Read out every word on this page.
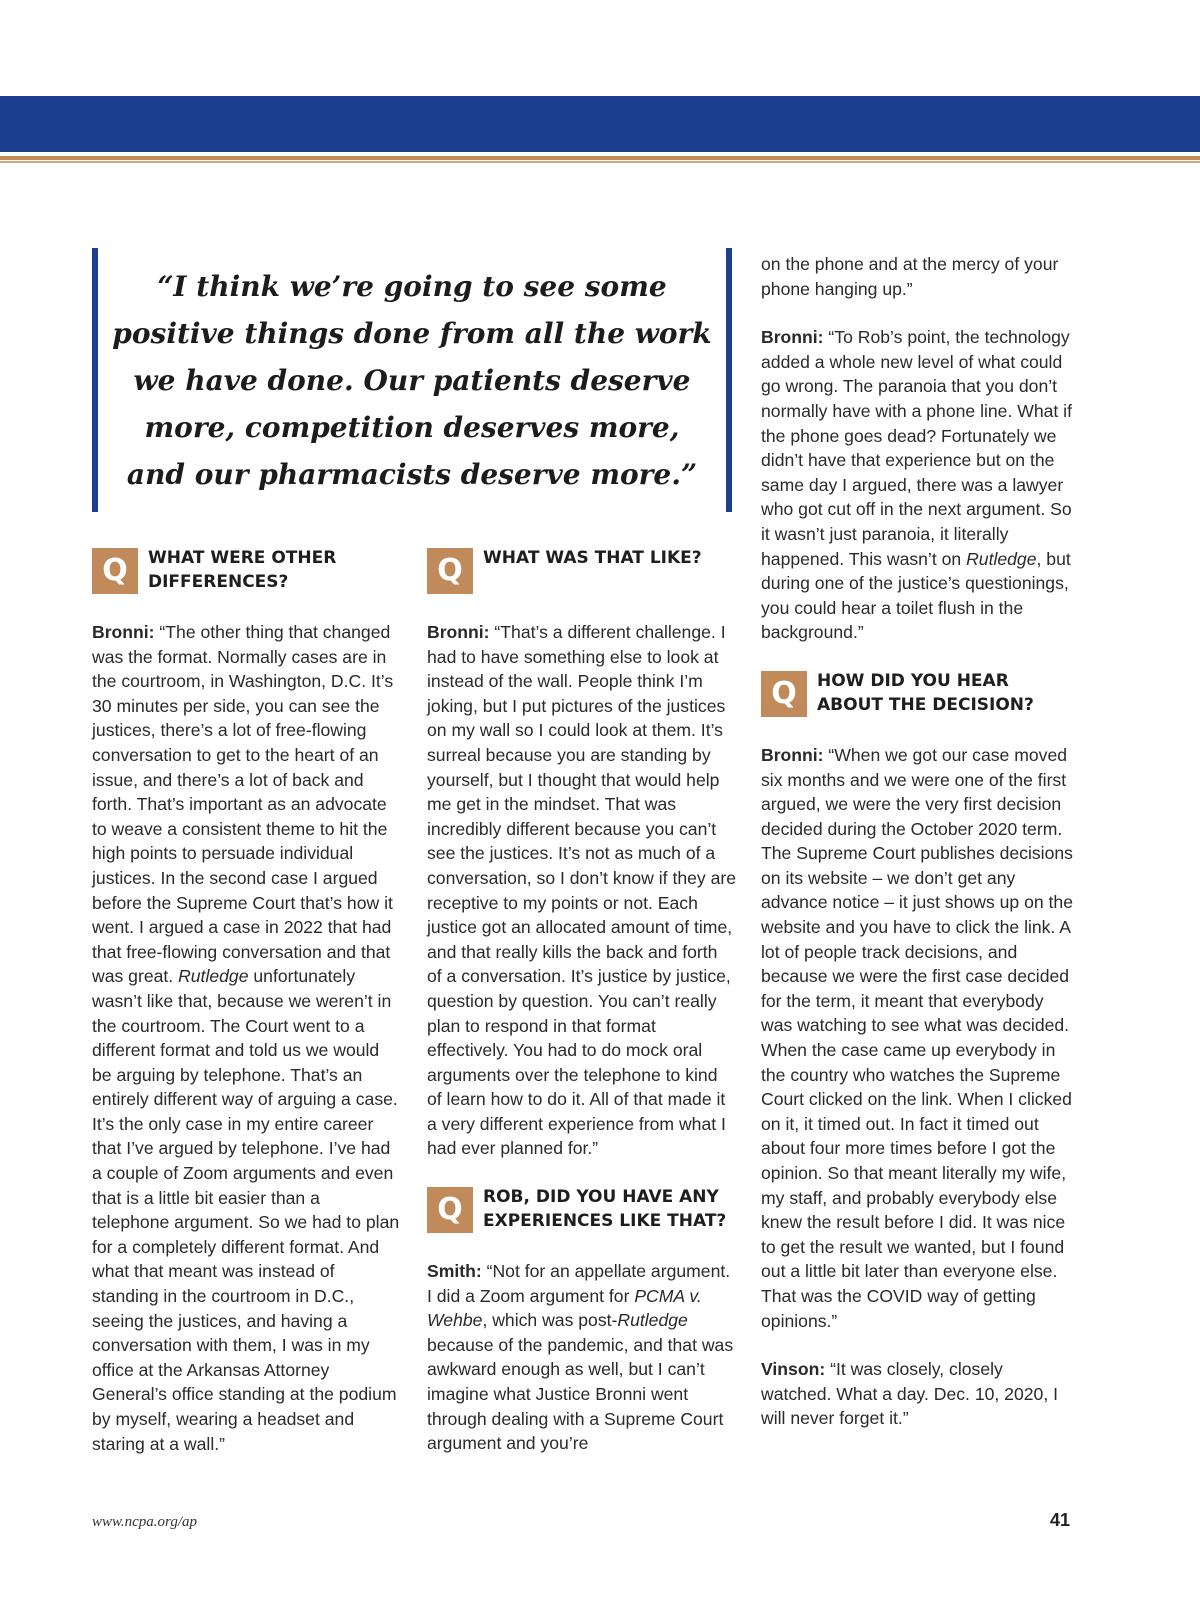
“I think we’re going to see some positive things done from all the work we have done. Our patients deserve more, competition deserves more, and our pharmacists deserve more.”

Q	WHAT WERE OTHER DIFFERENCES?

Bronni: “The other thing that changed was the format. Normally cases are in the courtroom, in Washington, D.C. It’s 30 minutes per side, you can see the justices, there’s a lot of free-flowing conversation to get to the heart of an issue, and there’s a lot of back and forth. That’s important as an advocate to weave a consistent theme to hit the high points to persuade individual justices. In the second case I argued before the Supreme Court that’s how it went. I argued a case in 2022 that had that free-flowing conversation and that was great. Rutledge unfortunately wasn’t like that, because we weren’t in the courtroom. The Court went to a different format and told us we would be arguing by telephone. That’s an entirely different way of arguing a case. It’s the only case in my entire career that I’ve argued by telephone. I’ve had a couple of Zoom arguments and even that is a little bit easier than a telephone argument. So we had to plan for a completely different format. And what that meant was instead of standing in the courtroom in D.C., seeing the justices, and having a conversation with them, I was in my office at the Arkansas Attorney General’s office standing at the podium by myself, wearing a headset and staring at a wall.”

Q	WHAT WAS THAT LIKE?

Bronni: “That’s a different challenge. I had to have something else to look at instead of the wall. People think I’m joking, but I put pictures of the justices on my wall so I could look at them. It’s surreal because you are standing by yourself, but I thought that would help me get in the mindset. That was incredibly different because you can’t see the justices. It’s not as much of a conversation, so I don’t know if they are receptive to my points or not. Each justice got an allocated amount of time, and that really kills the back and forth of a conversation. It’s justice by justice, question by question. You can’t really plan to respond in that format effectively. You had to do mock oral arguments over the telephone to kind of learn how to do it. All of that made it a very different experience from what I had ever planned for.”

Q	ROB, DID YOU HAVE ANY EXPERIENCES LIKE THAT?

Smith: “Not for an appellate argument. I did a Zoom argument for PCMA v. Wehbe, which was post-Rutledge because of the pandemic, and that was awkward enough as well, but I can’t imagine what Justice Bronni went through dealing with a Supreme Court argument and you’re

on the phone and at the mercy of your phone hanging up.”

Bronni: “To Rob’s point, the technology added a whole new level of what could go wrong. The paranoia that you don’t normally have with a phone line. What if the phone goes dead? Fortunately we didn’t have that experience but on the same day I argued, there was a lawyer who got cut off in the next argument. So it wasn’t just paranoia, it literally happened. This wasn’t on Rutledge, but during one of the justice’s questionings, you could hear a toilet flush in the background.”

Q	HOW DID YOU HEAR ABOUT THE DECISION?

Bronni: “When we got our case moved six months and we were one of the first argued, we were the very first decision decided during the October 2020 term. The Supreme Court publishes decisions on its website – we don’t get any advance notice – it just shows up on the website and you have to click the link. A lot of people track decisions, and because we were the first case decided for the term, it meant that everybody was watching to see what was decided. When the case came up everybody in the country who watches the Supreme Court clicked on the link. When I clicked on it, it timed out. In fact it timed out about four more times before I got the opinion. So that meant literally my wife, my staff, and probably everybody else knew the result before I did. It was nice to get the result we wanted, but I found out a little bit later than everyone else. That was the COVID way of getting opinions.”

Vinson: “It was closely, closely watched. What a day. Dec. 10, 2020, I will never forget it.”

www.ncpa.org/ap	41
